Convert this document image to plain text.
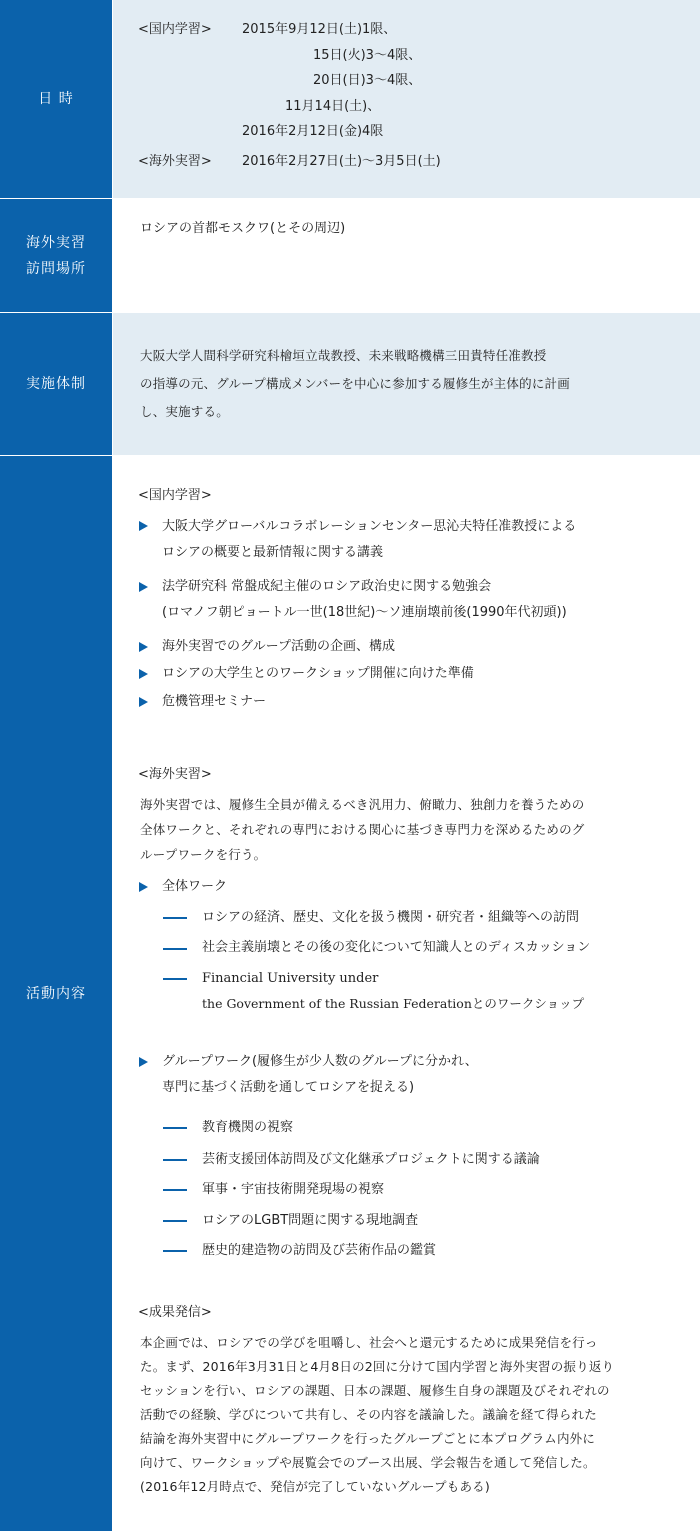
日 時
<国内学習> 2015年9月12日(土)1限、
15日(火)3～4限、
20日(日)3～4限、
11月14日(土)、
2016年2月12日(金)4限
<海外実習> 2016年2月27日(土)～3月5日(土)
海外実習
訪問場所
ロシアの首都モスクワ(とその周辺)
実施体制
大阪大学人間科学研究科檜垣立哉教授、未来戦略機構三田貴特任准教授
の指導の元、グループ構成メンバーを中心に参加する履修生が主体的に計画
し、実施する。
活動内容
<国内学習>
大阪大学グローバルコラボレーションセンター思沁夫特任准教授による
ロシアの概要と最新情報に関する講義
法学研究科 常盤成紀主催のロシア政治史に関する勉強会
(ロマノフ朝ピョートル一世(18世紀)～ソ連崩壊前後(1990年代初頭))
海外実習でのグループ活動の企画、構成
ロシアの大学生とのワークショップ開催に向けた準備
危機管理セミナー
<海外実習>
海外実習では、履修生全員が備えるべき汎用力、俯瞰力、独創力を養うための
全体ワークと、それぞれの専門における関心に基づき専門力を深めるためのグ
ループワークを行う。
全体ワーク
ロシアの経済、歴史、文化を扱う機関・研究者・組織等への訪問
社会主義崩壊とその後の変化について知識人とのディスカッション
Financial University under
the Government of the Russian Federationとのワークショップ
グループワーク(履修生が少人数のグループに分かれ、
専門に基づく活動を通してロシアを捉える)
教育機関の視察
芸術支援団体訪問及び文化継承プロジェクトに関する議論
軍事・宇宙技術開発現場の視察
ロシアのLGBT問題に関する現地調査
歴史的建造物の訪問及び芸術作品の鑑賞
<成果発信>
本企画では、ロシアでの学びを咀嚼し、社会へと還元するために成果発信を行っ
た。まず、2016年3月31日と4月8日の2回に分けて国内学習と海外実習の振り返り
セッションを行い、ロシアの課題、日本の課題、履修生自身の課題及びそれぞれの
活動での経験、学びについて共有し、その内容を議論した。議論を経て得られた
結論を海外実習中にグループワークを行ったグループごとに本プログラム内外に
向けて、ワークショップや展覧会でのブース出展、学会報告を通して発信した。
(2016年12月時点で、発信が完了していないグループもある)
